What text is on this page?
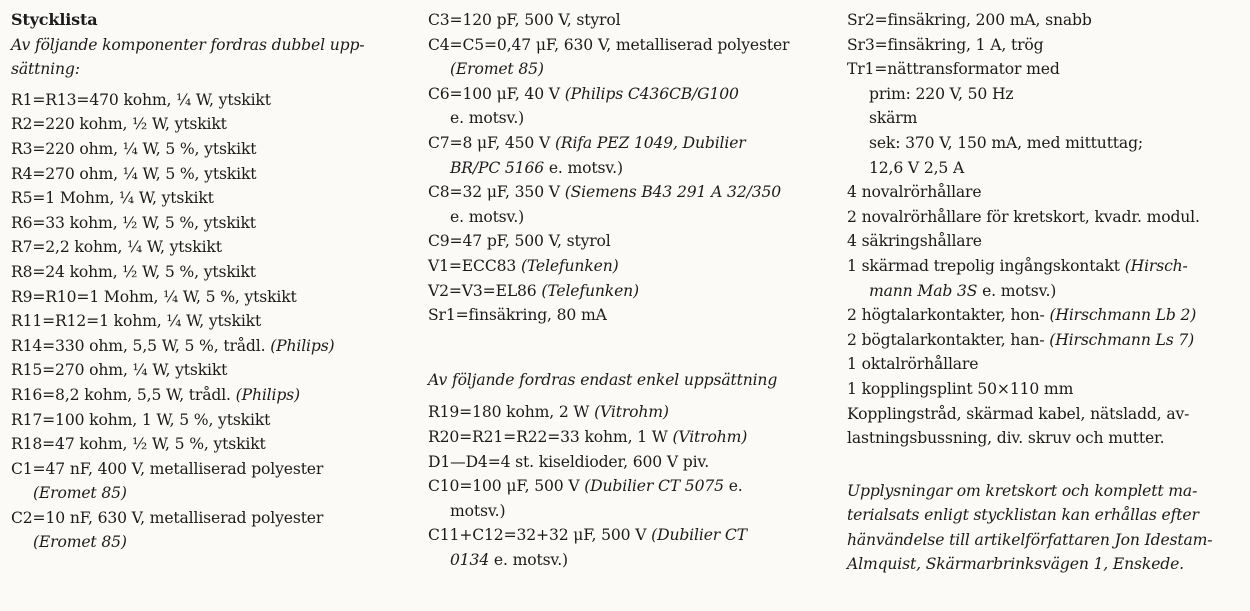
Stycklista
Av följande komponenter fordras dubbel upp-
sättning:
R1=R13=470 kohm, ¼ W, ytskikt
R2=220 kohm, ½ W, ytskikt
R3=220 ohm, ¼ W, 5 %, ytskikt
R4=270 ohm, ¼ W, 5 %, ytskikt
R5=1 Mohm, ¼ W, ytskikt
R6=33 kohm, ½ W, 5 %, ytskikt
R7=2,2 kohm, ¼ W, ytskikt
R8=24 kohm, ½ W, 5 %, ytskikt
R9=R10=1 Mohm, ¼ W, 5 %, ytskikt
R11=R12=1 kohm, ¼ W, ytskikt
R14=330 ohm, 5,5 W, 5 %, trådl. (Philips)
R15=270 ohm, ¼ W, ytskikt
R16=8,2 kohm, 5,5 W, trådl. (Philips)
R17=100 kohm, 1 W, 5 %, ytskikt
R18=47 kohm, ½ W, 5 %, ytskikt
C1=47 nF, 400 V, metalliserad polyester
(Eromet 85)
C2=10 nF, 630 V, metalliserad polyester
(Eromet 85)
C3=120 pF, 500 V, styrol
C4=C5=0,47 μF, 630 V, metalliserad polyester
(Eromet 85)
C6=100 μF, 40 V (Philips C436CB/G100
e. motsv.)
C7=8 μF, 450 V (Rifa PEZ 1049, Dubilier
BR/PC 5166 e. motsv.)
C8=32 μF, 350 V (Siemens B43 291 A 32/350
e. motsv.)
C9=47 pF, 500 V, styrol
V1=ECC83 (Telefunken)
V2=V3=EL86 (Telefunken)
Sr1=finsäkring, 80 mA
Av följande fordras endast enkel uppsättning
R19=180 kohm, 2 W (Vitrohm)
R20=R21=R22=33 kohm, 1 W (Vitrohm)
D1—D4=4 st. kiseldioder, 600 V piv.
C10=100 μF, 500 V (Dubilier CT 5075 e.
motsv.)
C11+C12=32+32 μF, 500 V (Dubilier CT
0134 e. motsv.)
Sr2=finsäkring, 200 mA, snabb
Sr3=finsäkring, 1 A, trög
Tr1=nättransformator med
prim: 220 V, 50 Hz
skärm
sek: 370 V, 150 mA, med mittuttag;
12,6 V 2,5 A
4 novalrörhållare
2 novalrörhållare för kretskort, kvadr. modul.
4 säkringshållare
1 skärmad trepolig ingångskontakt (Hirsch-
mann Mab 3S e. motsv.)
2 högtalarkontakter, hon- (Hirschmann Lb 2)
2 bögtalarkontakter, han- (Hirschmann Ls 7)
1 oktalrörhållare
1 kopplingsplint 50×110 mm
Kopplingstråd, skärmad kabel, nätsladd, av-
lastningsbussning, div. skruv och mutter.
Upplysningar om kretskort och komplett ma-
terialsats enligt stycklistan kan erhållas efter
hänvändelse till artikelförfattaren Jon Idestam-
Almquist, Skärmarbrinksvägen 1, Enskede.
